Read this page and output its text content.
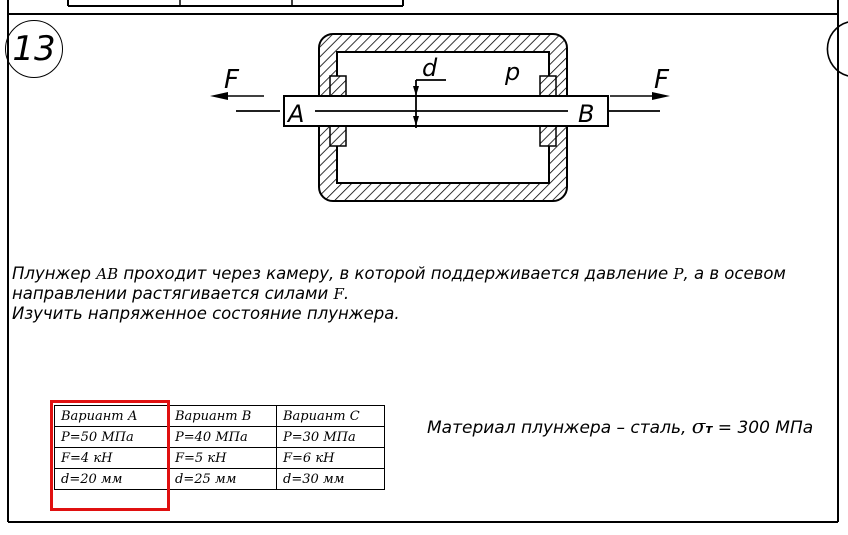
F	F
A	B
d	p
13
Плунжер AB проходит через камеру, в которой поддерживается давление P, а в осевом
направлении растягивается силами F.
Изучить напряженное состояние плунжера.
Вариант А	Вариант В	Вариант С
P=50 МПа	P=40 МПа	P=30 МПа
F=4 кН	F=5 кН	F=6 кН
d=20 мм	d=25 мм	d=30 мм
Материал плунжера – сталь, σт = 300 МПа
